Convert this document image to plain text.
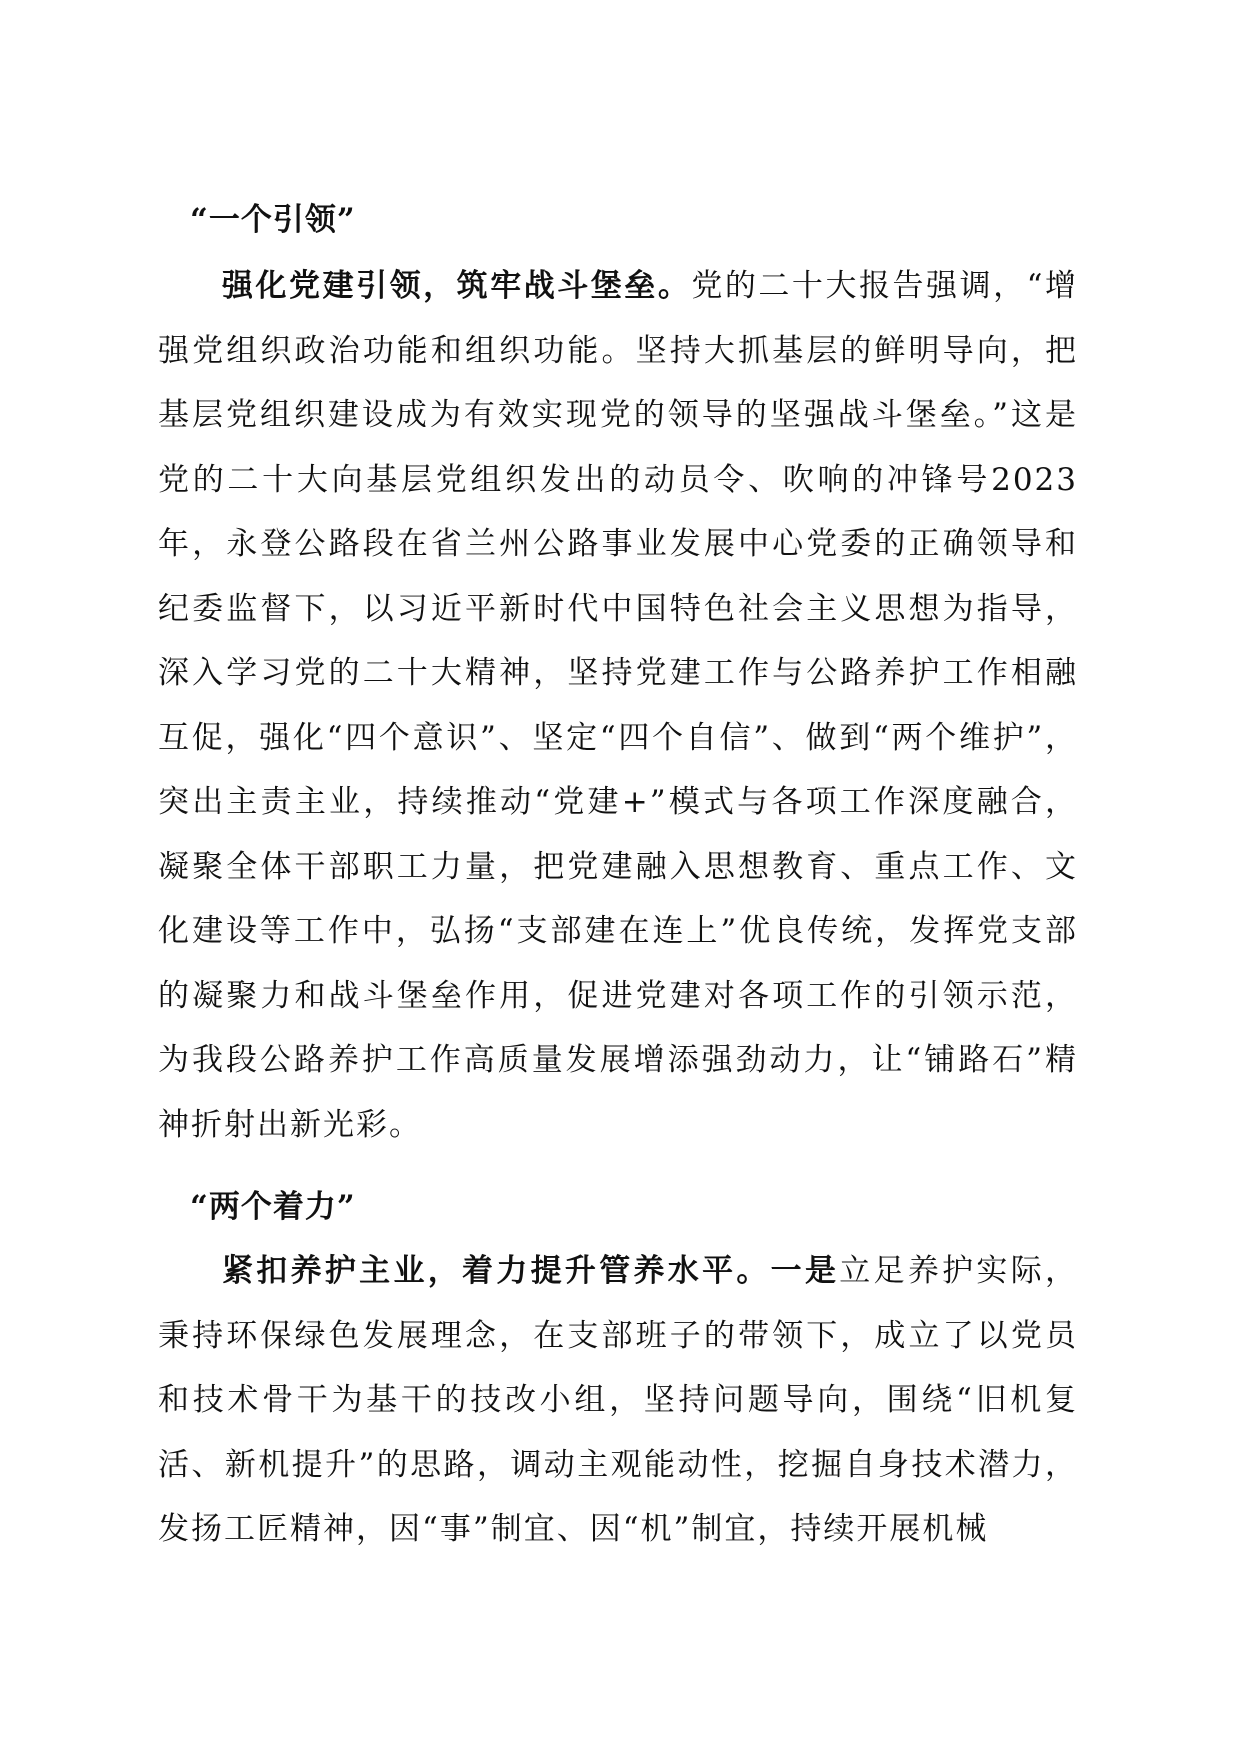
“一个引领”

强化党建引领，筑牢战斗堡垒。党的二十大报告强调，“增强党组织政治功能和组织功能。坚持大抓基层的鲜明导向，把基层党组织建设成为有效实现党的领导的坚强战斗堡垒。”这是党的二十大向基层党组织发出的动员令、吹响的冲锋号2023年，永登公路段在省兰州公路事业发展中心党委的正确领导和纪委监督下，以习近平新时代中国特色社会主义思想为指导，深入学习党的二十大精神，坚持党建工作与公路养护工作相融互促，强化“四个意识”、坚定“四个自信”、做到“两个维护”，突出主责主业，持续推动“党建+”模式与各项工作深度融合，凝聚全体干部职工力量，把党建融入思想教育、重点工作、文化建设等工作中，弘扬“支部建在连上”优良传统，发挥党支部的凝聚力和战斗堡垒作用，促进党建对各项工作的引领示范，为我段公路养护工作高质量发展增添强劲动力，让“铺路石”精神折射出新光彩。

“两个着力”

紧扣养护主业，着力提升管养水平。一是立足养护实际，秉持环保绿色发展理念，在支部班子的带领下，成立了以党员和技术骨干为基干的技改小组，坚持问题导向，围绕“旧机复活、新机提升”的思路，调动主观能动性，挖掘自身技术潜力，发扬工匠精神，因“事”制宜、因“机”制宜，持续开展机械
